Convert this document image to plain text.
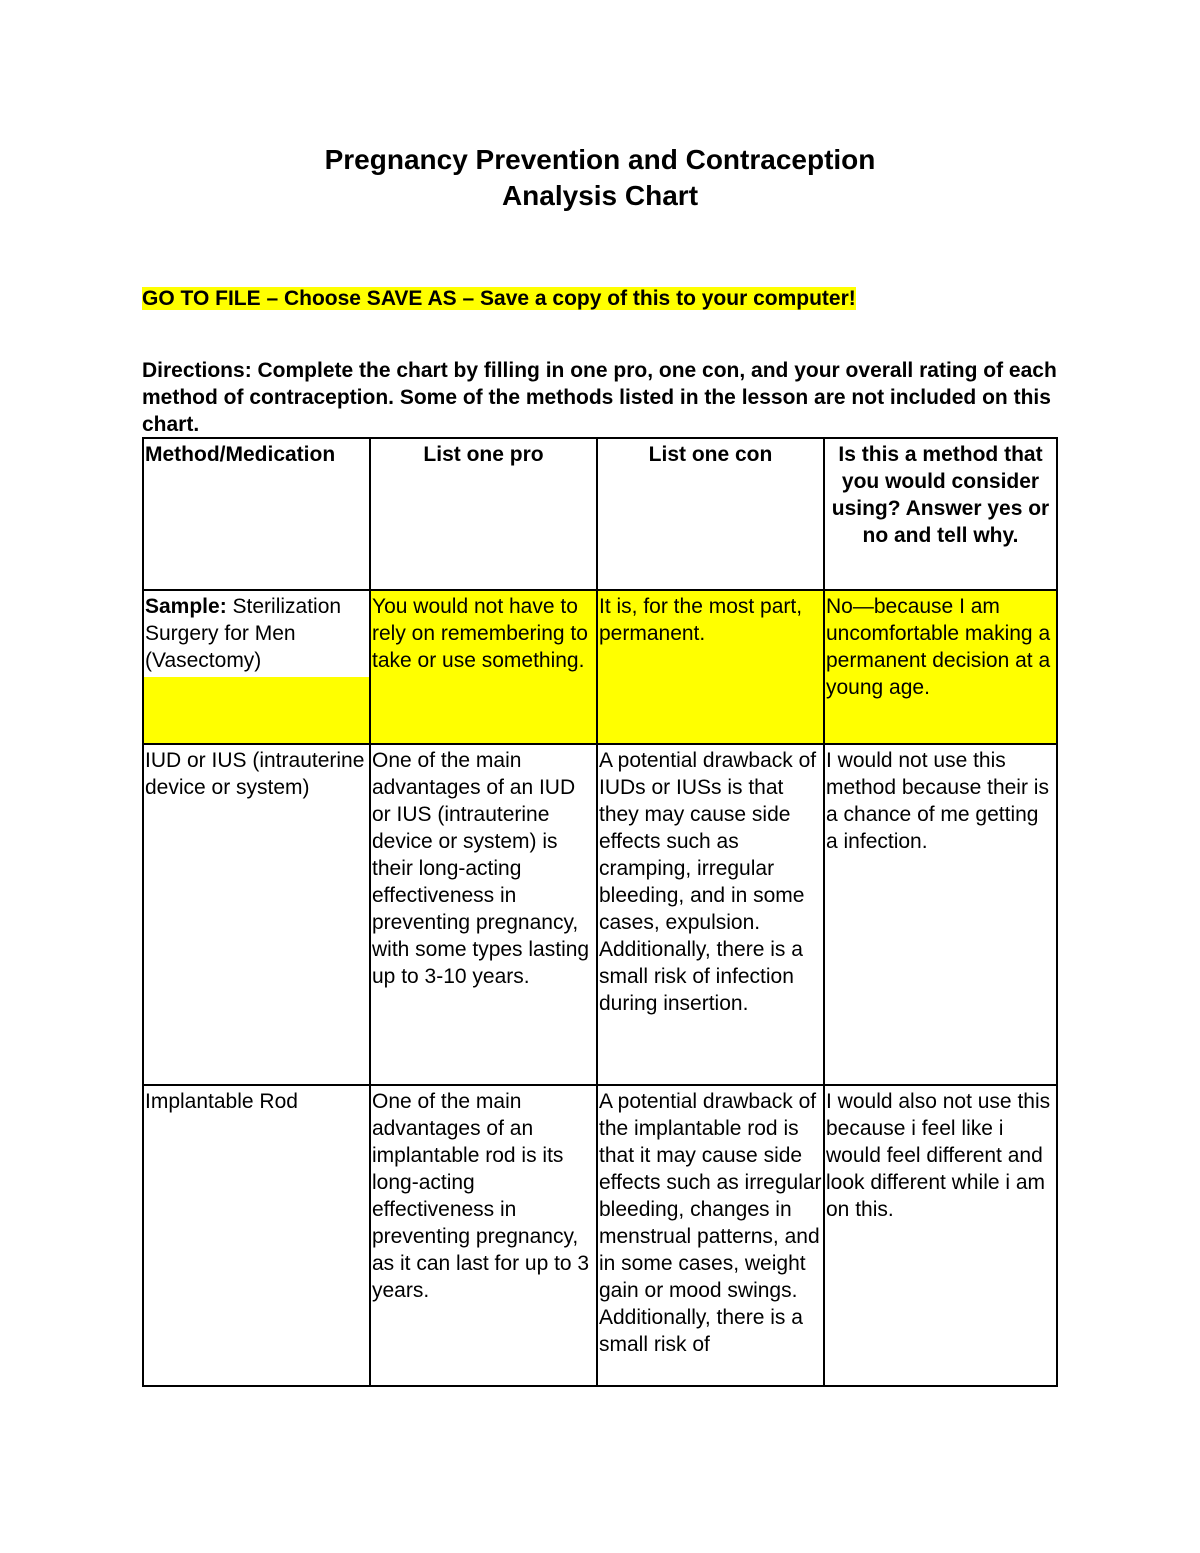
Pregnancy Prevention and Contraception
Analysis Chart
GO TO FILE – Choose SAVE AS – Save a copy of this to your computer!
Directions: Complete the chart by filling in one pro, one con, and your overall rating of each method of contraception. Some of the methods listed in the lesson are not included on this chart.
Method/Medication	List one pro	List one con	Is this a method that you would consider using? Answer yes or no and tell why.

Sample: Sterilization Surgery for Men (Vasectomy)	You would not have to rely on remembering to take or use something.	It is, for the most part, permanent.	No—because I am uncomfortable making a permanent decision at a young age.
IUD or IUS (intrauterine device or system)	One of the main advantages of an IUD or IUS (intrauterine device or system) is their long-acting effectiveness in preventing pregnancy, with some types lasting up to 3-10 years.	A potential drawback of IUDs or IUSs is that they may cause side effects such as cramping, irregular bleeding, and in some cases, expulsion. Additionally, there is a small risk of infection during insertion.	I would not use this method because their is a chance of me getting a infection.
Implantable Rod	One of the main advantages of an implantable rod is its long-acting effectiveness in preventing pregnancy, as it can last for up to 3 years.	A potential drawback of the implantable rod is that it may cause side effects such as irregular bleeding, changes in menstrual patterns, and in some cases, weight gain or mood swings. Additionally, there is a small risk of	I would also not use this because i feel like i would feel different and look different while i am on this.
